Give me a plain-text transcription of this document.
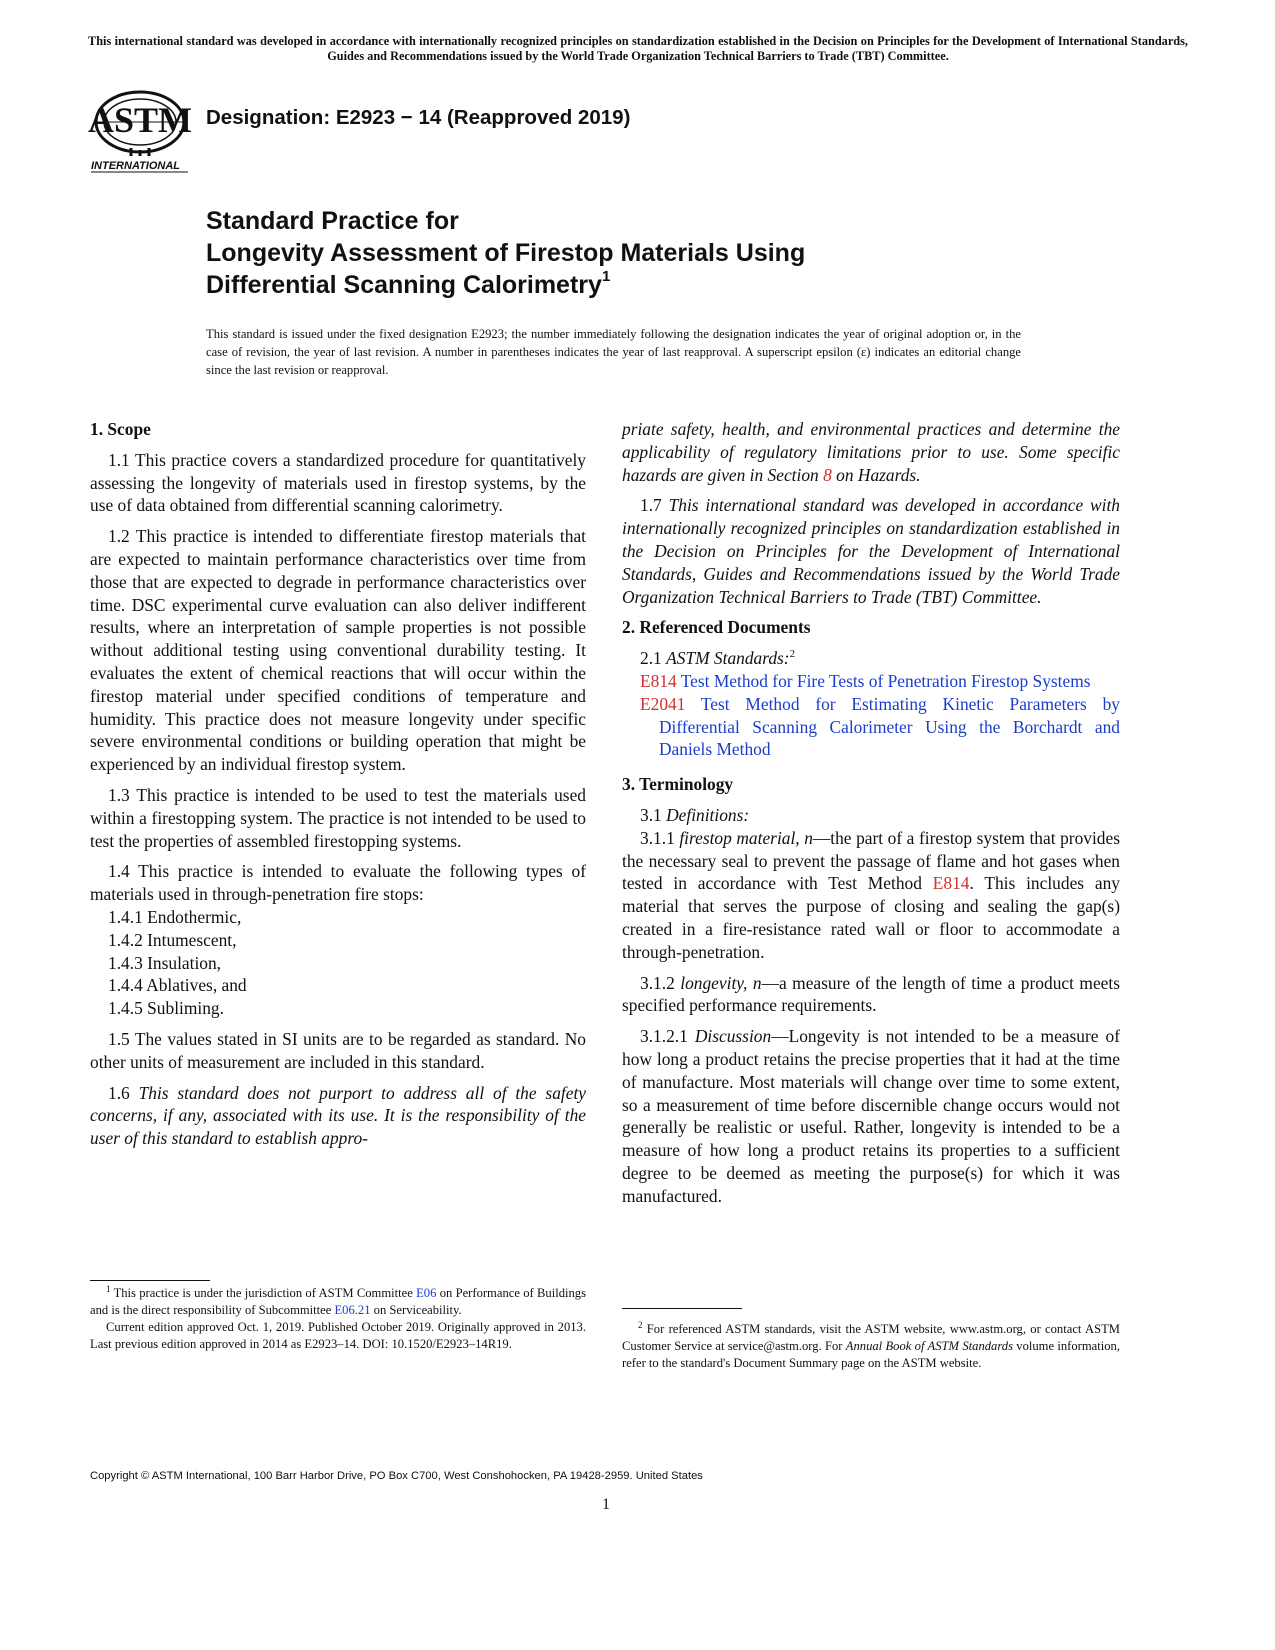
This international standard was developed in accordance with internationally recognized principles on standardization established in the Decision on Principles for the Development of International Standards, Guides and Recommendations issued by the World Trade Organization Technical Barriers to Trade (TBT) Committee.
ASTM
INTERNATIONAL
Designation: E2923 − 14 (Reapproved 2019)
Standard Practice for
Longevity Assessment of Firestop Materials Using
Differential Scanning Calorimetry$^1$
This standard is issued under the fixed designation E2923; the number immediately following the designation indicates the year of original adoption or, in the case of revision, the year of last revision. A number in parentheses indicates the year of last reapproval. A superscript epsilon (ε) indicates an editorial change since the last revision or reapproval.
1. Scope

1.1 This practice covers a standardized procedure for quantitatively assessing the longevity of materials used in firestop systems, by the use of data obtained from differential scanning calorimetry.

1.2 This practice is intended to differentiate firestop materials that are expected to maintain performance characteristics over time from those that are expected to degrade in performance characteristics over time. DSC experimental curve evaluation can also deliver indifferent results, where an interpretation of sample properties is not possible without additional testing using conventional durability testing. It evaluates the extent of chemical reactions that will occur within the firestop material under specified conditions of temperature and humidity. This practice does not measure longevity under specific severe environmental conditions or building operation that might be experienced by an individual firestop system.

1.3 This practice is intended to be used to test the materials used within a firestopping system. The practice is not intended to be used to test the properties of assembled firestopping systems.

1.4 This practice is intended to evaluate the following types of materials used in through-penetration fire stops:

1.4.1 Endothermic,
1.4.2 Intumescent,
1.4.3 Insulation,
1.4.4 Ablatives, and
1.4.5 Subliming.

1.5 The values stated in SI units are to be regarded as standard. No other units of measurement are included in this standard.

1.6 This standard does not purport to address all of the safety concerns, if any, associated with its use. It is the responsibility of the user of this standard to establish appro-

priate safety, health, and environmental practices and determine the applicability of regulatory limitations prior to use. Some specific hazards are given in Section 8 on Hazards.

1.7 This international standard was developed in accordance with internationally recognized principles on standardization established in the Decision on Principles for the Development of International Standards, Guides and Recommendations issued by the World Trade Organization Technical Barriers to Trade (TBT) Committee.

2. Referenced Documents

2.1 ASTM Standards:$^2$

E814 Test Method for Fire Tests of Penetration Firestop Systems
E2041 Test Method for Estimating Kinetic Parameters by Differential Scanning Calorimeter Using the Borchardt and Daniels Method
3. Terminology

3.1 Definitions:

3.1.1 firestop material, n—the part of a firestop system that provides the necessary seal to prevent the passage of flame and hot gases when tested in accordance with Test Method E814. This includes any material that serves the purpose of closing and sealing the gap(s) created in a fire-resistance rated wall or floor to accommodate a through-penetration.

3.1.2 longevity, n—a measure of the length of time a product meets specified performance requirements.

3.1.2.1 Discussion—Longevity is not intended to be a measure of how long a product retains the precise properties that it had at the time of manufacture. Most materials will change over time to some extent, so a measurement of time before discernible change occurs would not generally be realistic or useful. Rather, longevity is intended to be a measure of how long a product retains its properties to a sufficient degree to be deemed as meeting the purpose(s) for which it was manufactured.

$^1$ This practice is under the jurisdiction of ASTM Committee E06 on Performance of Buildings and is the direct responsibility of Subcommittee E06.21 on Serviceability.

Current edition approved Oct. 1, 2019. Published October 2019. Originally approved in 2013. Last previous edition approved in 2014 as E2923–14. DOI: 10.1520/E2923–14R19.

$^2$ For referenced ASTM standards, visit the ASTM website, www.astm.org, or contact ASTM Customer Service at service@astm.org. For Annual Book of ASTM Standards volume information, refer to the standard's Document Summary page on the ASTM website.

Copyright © ASTM International, 100 Barr Harbor Drive, PO Box C700, West Conshohocken, PA 19428-2959. United States
1
